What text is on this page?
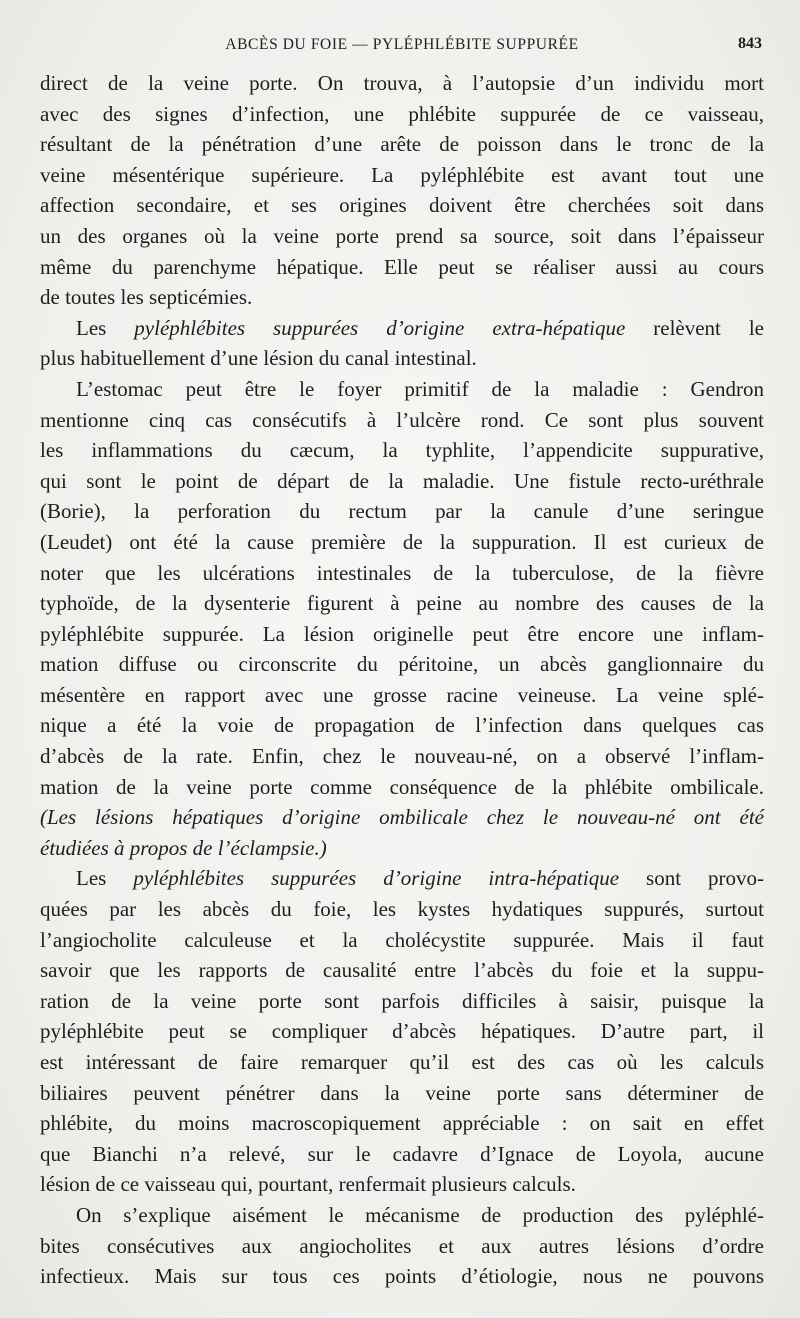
ABCÈS DU FOIE — PYLÉPHLÉBITE SUPPURÉE	843
direct de la veine porte. On trouva, à l’autopsie d’un individu mort
avec des signes d’infection, une phlébite suppurée de ce vaisseau,
résultant de la pénétration d’une arête de poisson dans le tronc de la
veine mésentérique supérieure. La pyléphlébite est avant tout une
affection secondaire, et ses origines doivent être cherchées soit dans
un des organes où la veine porte prend sa source, soit dans l’épaisseur
même du parenchyme hépatique. Elle peut se réaliser aussi au cours
de toutes les septicémies.
Les pyléphlébites suppurées d’origine extra-hépatique relèvent le
plus habituellement d’une lésion du canal intestinal.
L’estomac peut être le foyer primitif de la maladie : Gendron
mentionne cinq cas consécutifs à l’ulcère rond. Ce sont plus souvent
les inflammations du cæcum, la typhlite, l’appendicite suppurative,
qui sont le point de départ de la maladie. Une fistule recto-uréthrale
(Borie), la perforation du rectum par la canule d’une seringue
(Leudet) ont été la cause première de la suppuration. Il est curieux de
noter que les ulcérations intestinales de la tuberculose, de la fièvre
typhoïde, de la dysenterie figurent à peine au nombre des causes de la
pyléphlébite suppurée. La lésion originelle peut être encore une inflam-
mation diffuse ou circonscrite du péritoine, un abcès ganglionnaire du
mésentère en rapport avec une grosse racine veineuse. La veine splé-
nique a été la voie de propagation de l’infection dans quelques cas
d’abcès de la rate. Enfin, chez le nouveau-né, on a observé l’inflam-
mation de la veine porte comme conséquence de la phlébite ombilicale.
(Les lésions hépatiques d’origine ombilicale chez le nouveau-né ont été
étudiées à propos de l’éclampsie.)
Les pyléphlébites suppurées d’origine intra-hépatique sont provo-
quées par les abcès du foie, les kystes hydatiques suppurés, surtout
l’angiocholite calculeuse et la cholécystite suppurée. Mais il faut
savoir que les rapports de causalité entre l’abcès du foie et la suppu-
ration de la veine porte sont parfois difficiles à saisir, puisque la
pyléphlébite peut se compliquer d’abcès hépatiques. D’autre part, il
est intéressant de faire remarquer qu’il est des cas où les calculs
biliaires peuvent pénétrer dans la veine porte sans déterminer de
phlébite, du moins macroscopiquement appréciable : on sait en effet
que Bianchi n’a relevé, sur le cadavre d’Ignace de Loyola, aucune
lésion de ce vaisseau qui, pourtant, renfermait plusieurs calculs.
On s’explique aisément le mécanisme de production des pyléphlé-
bites consécutives aux angiocholites et aux autres lésions d’ordre
infectieux. Mais sur tous ces points d’étiologie, nous ne pouvons
